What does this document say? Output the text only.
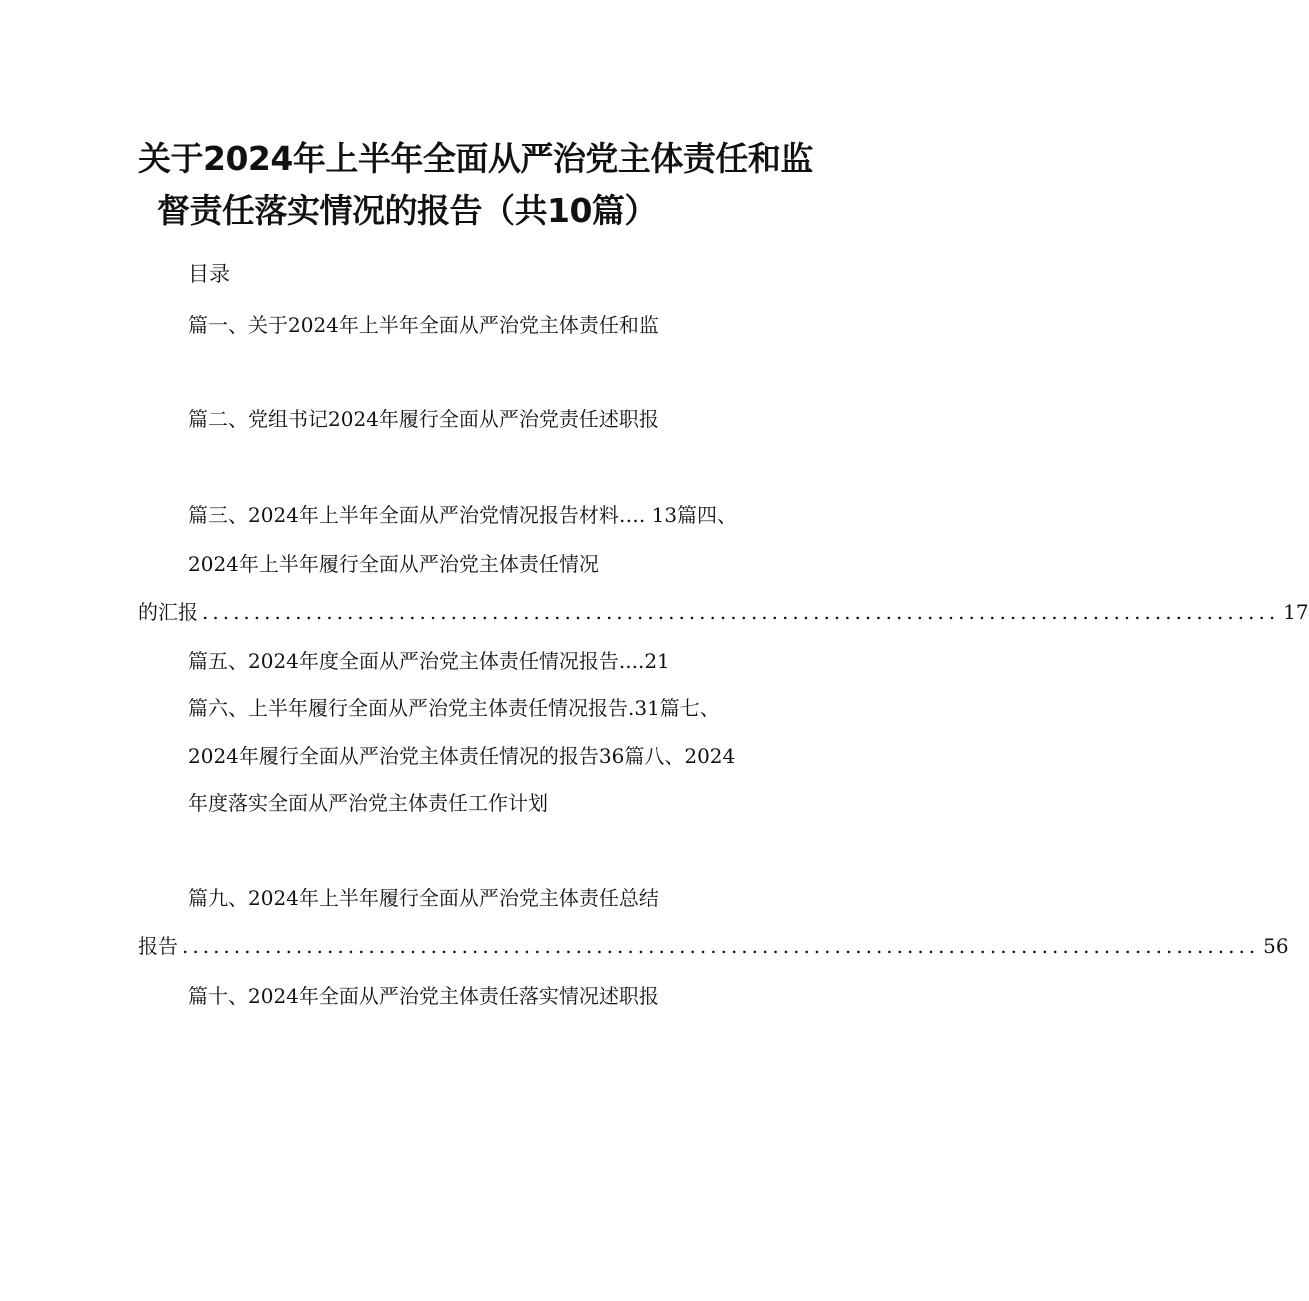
关于2024年上半年全面从严治党主体责任和监
督责任落实情况的报告（共10篇）
目录
篇一、关于2024年上半年全面从严治党主体责任和监
篇二、党组书记2024年履行全面从严治党责任述职报
篇三、2024年上半年全面从严治党情况报告材料…. 13篇四、
2024年上半年履行全面从严治党主体责任情况
的汇报 ........................................................................................................ 17
篇五、2024年度全面从严治党主体责任情况报告....21
篇六、上半年履行全面从严治党主体责任情况报告.31篇七、
2024年履行全面从严治党主体责任情况的报告36篇八、2024
年度落实全面从严治党主体责任工作计划
篇九、2024年上半年履行全面从严治党主体责任总结
报告 ........................................................................................................ 56
篇十、2024年全面从严治党主体责任落实情况述职报
